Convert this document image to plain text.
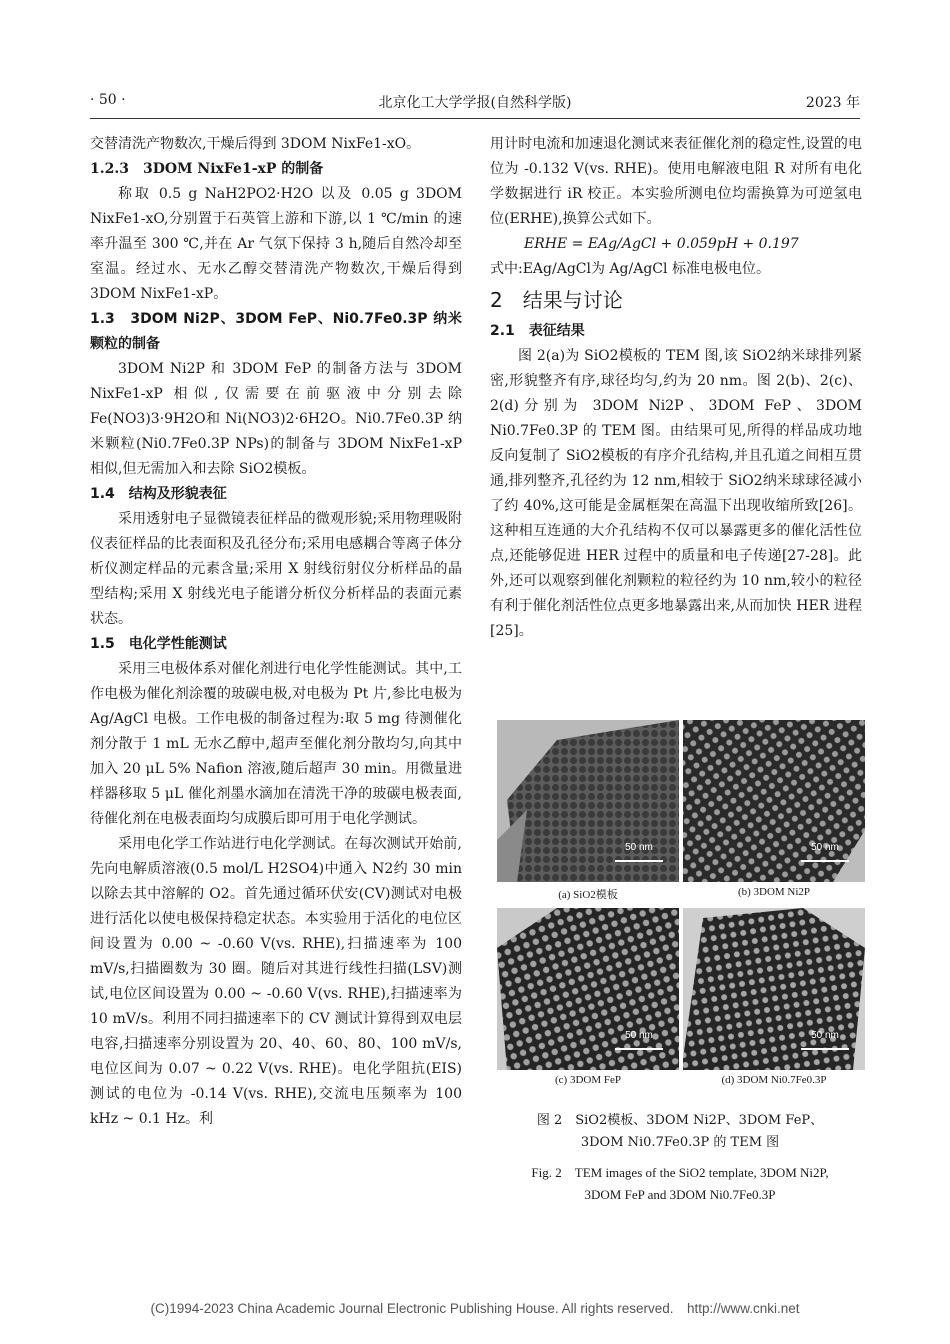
· 50 ·	北京化工大学学报(自然科学版)	2023 年

交替清洗产物数次,干燥后得到 3DOM NixFe1-xO。

1.2.3　3DOM NixFe1-xP 的制备

称取 0.5 g NaH2PO2·H2O 以及 0.05 g 3DOM NixFe1-xO,分别置于石英管上游和下游,以 1 ℃/min 的速率升温至 300 ℃,并在 Ar 气氛下保持 3 h,随后自然冷却至室温。经过水、无水乙醇交替清洗产物数次,干燥后得到 3DOM NixFe1-xP。

1.3　3DOM Ni2P、3DOM FeP、Ni0.7Fe0.3P 纳米颗粒的制备

3DOM Ni2P 和 3DOM FeP 的制备方法与 3DOM NixFe1-xP 相似,仅需要在前驱液中分别去除 Fe(NO3)3·9H2O和 Ni(NO3)2·6H2O。Ni0.7Fe0.3P 纳米颗粒(Ni0.7Fe0.3P NPs)的制备与 3DOM NixFe1-xP 相似,但无需加入和去除 SiO2模板。

1.4　结构及形貌表征

采用透射电子显微镜表征样品的微观形貌;采用物理吸附仪表征样品的比表面积及孔径分布;采用电感耦合等离子体分析仪测定样品的元素含量;采用 X 射线衍射仪分析样品的晶型结构;采用 X 射线光电子能谱分析仪分析样品的表面元素状态。

1.5　电化学性能测试

采用三电极体系对催化剂进行电化学性能测试。其中,工作电极为催化剂涂覆的玻碳电极,对电极为 Pt 片,参比电极为 Ag/AgCl 电极。工作电极的制备过程为:取 5 mg 待测催化剂分散于 1 mL 无水乙醇中,超声至催化剂分散均匀,向其中加入 20 μL 5% Nafion 溶液,随后超声 30 min。用微量进样器移取 5 μL 催化剂墨水滴加在清洗干净的玻碳电极表面,待催化剂在电极表面均匀成膜后即可用于电化学测试。

采用电化学工作站进行电化学测试。在每次测试开始前,先向电解质溶液(0.5 mol/L H2SO4)中通入 N2约 30 min 以除去其中溶解的 O2。首先通过循环伏安(CV)测试对电极进行活化以使电极保持稳定状态。本实验用于活化的电位区间设置为 0.00 ~ -0.60 V(vs. RHE),扫描速率为 100 mV/s,扫描圈数为 30 圈。随后对其进行线性扫描(LSV)测试,电位区间设置为 0.00 ~ -0.60 V(vs. RHE),扫描速率为 10 mV/s。利用不同扫描速率下的 CV 测试计算得到双电层电容,扫描速率分别设置为 20、40、60、80、100 mV/s,电位区间为 0.07 ~ 0.22 V(vs. RHE)。电化学阻抗(EIS)测试的电位为 -0.14 V(vs. RHE),交流电压频率为 100 kHz ~ 0.1 Hz。利

用计时电流和加速退化测试来表征催化剂的稳定性,设置的电位为 -0.132 V(vs. RHE)。使用电解液电阻 R 对所有电化学数据进行 iR 校正。本实验所测电位均需换算为可逆氢电位(ERHE),换算公式如下。

ERHE = EAg/AgCl + 0.059pH + 0.197

式中:EAg/AgCl为 Ag/AgCl 标准电极电位。

2　结果与讨论

2.1　表征结果

图 2(a)为 SiO2模板的 TEM 图,该 SiO2纳米球排列紧密,形貌整齐有序,球径均匀,约为 20 nm。图 2(b)、2(c)、2(d)分别为 3DOM Ni2P、3DOM FeP、3DOM Ni0.7Fe0.3P 的 TEM 图。由结果可见,所得的样品成功地反向复制了 SiO2模板的有序介孔结构,并且孔道之间相互贯通,排列整齐,孔径约为 12 nm,相较于 SiO2纳米球球径减小了约 40%,这可能是金属框架在高温下出现收缩所致[26]。这种相互连通的大介孔结构不仅可以暴露更多的催化活性位点,还能够促进 HER 过程中的质量和电子传递[27-28]。此外,还可以观察到催化剂颗粒的粒径约为 10 nm,较小的粒径有利于催化剂活性位点更多地暴露出来,从而加快 HER 进程[25]。

50 nm	50 nm
50 nm	50 nm
(a) SiO2模板	(b) 3DOM Ni2P
(c) 3DOM FeP	(d) 3DOM Ni0.7Fe0.3P
图 2　SiO2模板、3DOM Ni2P、3DOM FeP、
3DOM Ni0.7Fe0.3P 的 TEM 图
Fig. 2　TEM images of the SiO2 template, 3DOM Ni2P,
3DOM FeP and 3DOM Ni0.7Fe0.3P
(C)1994-2023 China Academic Journal Electronic Publishing House. All rights reserved.　http://www.cnki.net
